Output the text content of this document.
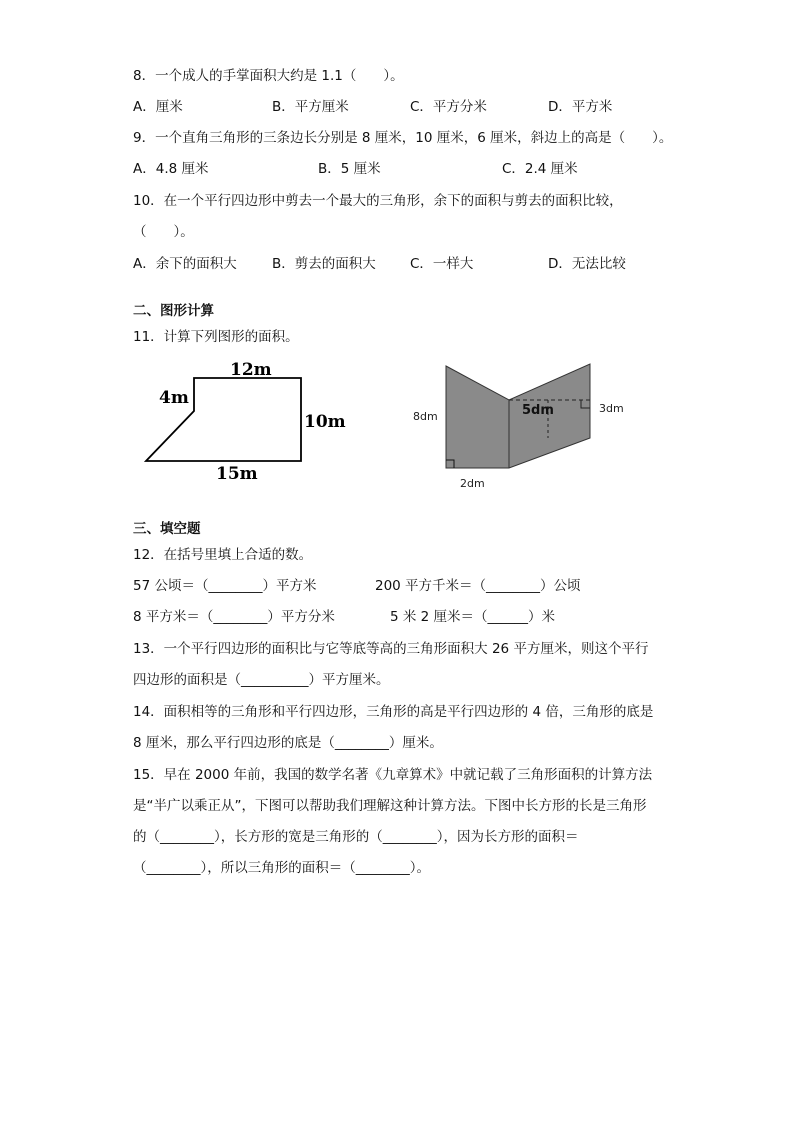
8．一个成人的手掌面积大约是 1.1（　　）。
A．厘米	B．平方厘米	C．平方分米	D．平方米
9．一个直角三角形的三条边长分别是 8 厘米，10 厘米，6 厘米，斜边上的高是（　　）。
A．4.8 厘米	B．5 厘米	C．2.4 厘米
10．在一个平行四边形中剪去一个最大的三角形，余下的面积与剪去的面积比较，
（　　）。
A．余下的面积大	B．剪去的面积大	C．一样大	D．无法比较
二、图形计算
11．计算下列图形的面积。
12m
4m
10m
15m
8dm	5dm	3dm
2dm
三、填空题
12．在括号里填上合适的数。
57 公顷＝（________）平方米	200 平方千米＝（________）公顷
8 平方米＝（________）平方分米	5 米 2 厘米＝（______）米
13．一个平行四边形的面积比与它等底等高的三角形面积大 26 平方厘米，则这个平行
四边形的面积是（__________）平方厘米。
14．面积相等的三角形和平行四边形，三角形的高是平行四边形的 4 倍，三角形的底是
8 厘米，那么平行四边形的底是（________）厘米。
15．早在 2000 年前，我国的数学名著《九章算术》中就记载了三角形面积的计算方法
是“半广以乘正从”，下图可以帮助我们理解这种计算方法。下图中长方形的长是三角形
的（________），长方形的宽是三角形的（________），因为长方形的面积＝
（________），所以三角形的面积＝（________）。
